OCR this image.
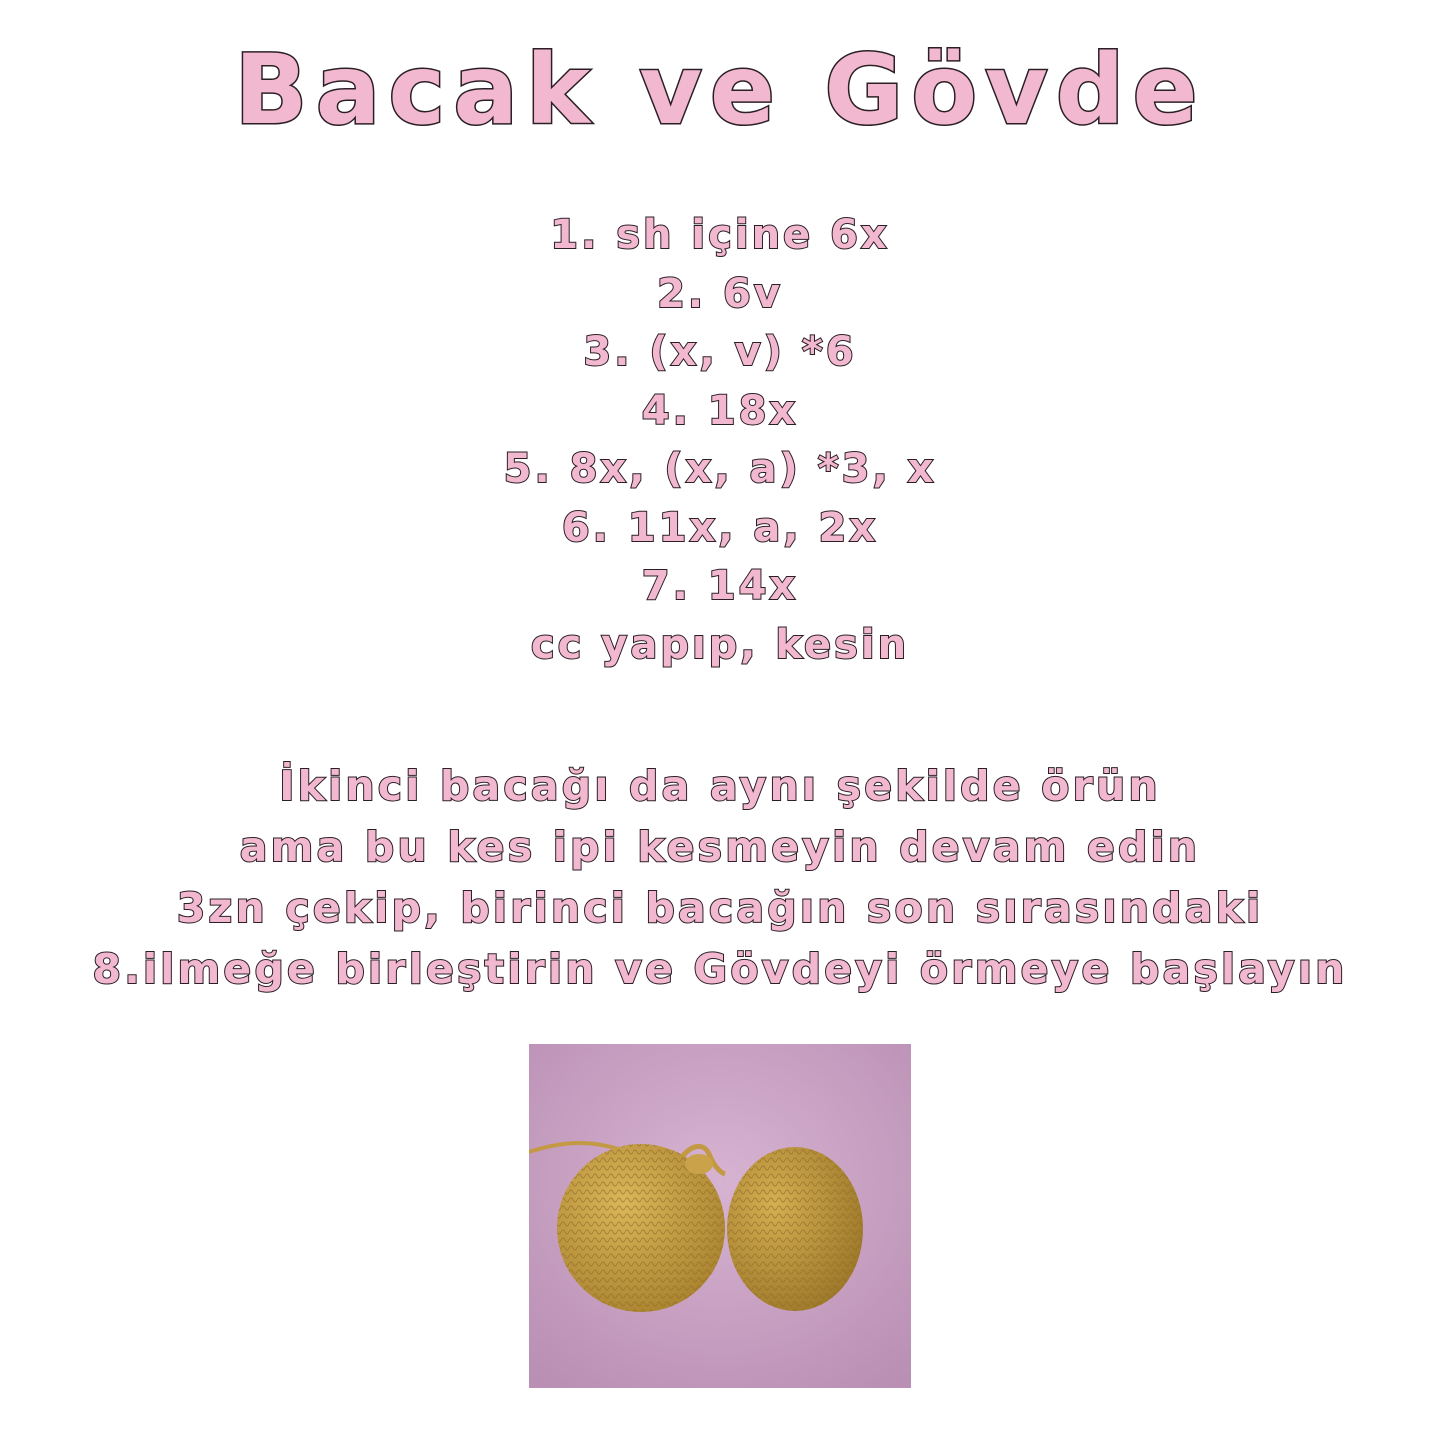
Bacak ve Gövde
1. sh içine 6x
2. 6v
3. (x, v) *6
4. 18x
5. 8x, (x, a) *3, x
6. 11x, a, 2x
7. 14x
cc yapıp, kesin
İkinci bacağı da aynı şekilde örün
ama bu kes ipi kesmeyin devam edin
3zn çekip, birinci bacağın son sırasındaki
8.ilmeğe birleştirin ve Gövdeyi örmeye başlayın
